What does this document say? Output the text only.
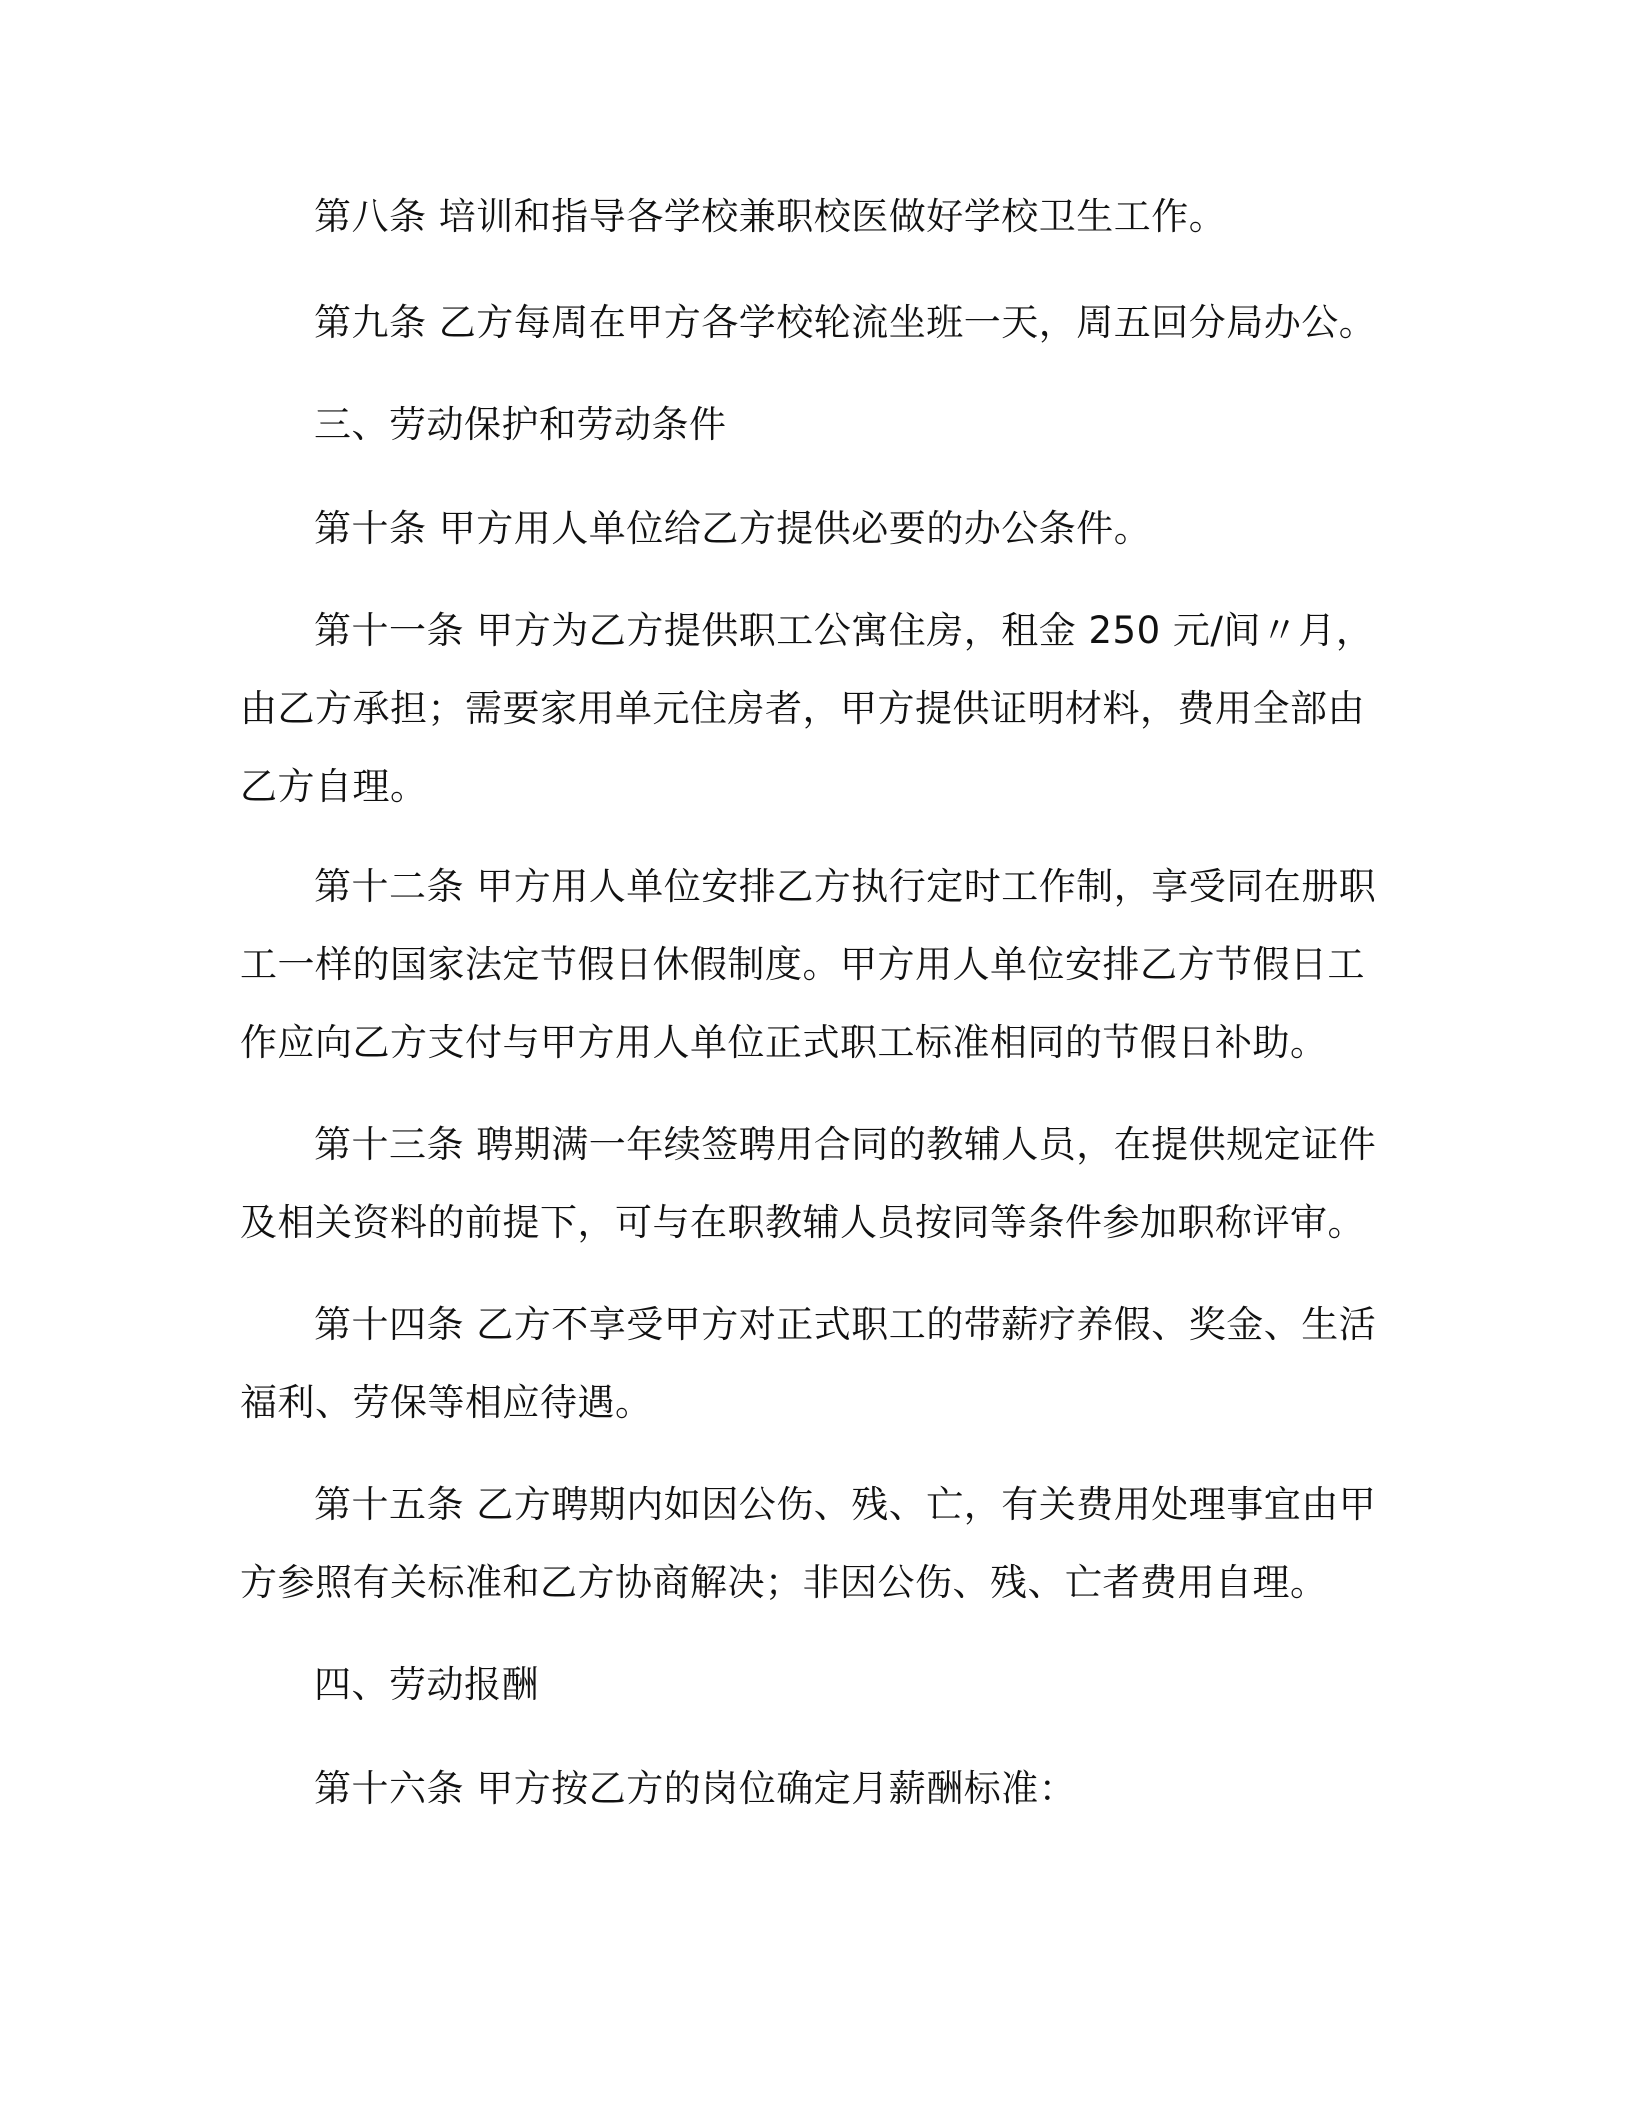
第八条 培训和指导各学校兼职校医做好学校卫生工作。

第九条 乙方每周在甲方各学校轮流坐班一天，周五回分局办公。

三、劳动保护和劳动条件

第十条 甲方用人单位给乙方提供必要的办公条件。

第十一条 甲方为乙方提供职工公寓住房，租金 250 元/间〃月，
由乙方承担；需要家用单元住房者，甲方提供证明材料，费用全部由
乙方自理。

第十二条 甲方用人单位安排乙方执行定时工作制，享受同在册职
工一样的国家法定节假日休假制度。甲方用人单位安排乙方节假日工
作应向乙方支付与甲方用人单位正式职工标准相同的节假日补助。

第十三条 聘期满一年续签聘用合同的教辅人员，在提供规定证件
及相关资料的前提下，可与在职教辅人员按同等条件参加职称评审。

第十四条 乙方不享受甲方对正式职工的带薪疗养假、奖金、生活
福利、劳保等相应待遇。

第十五条 乙方聘期内如因公伤、残、亡，有关费用处理事宜由甲
方参照有关标准和乙方协商解决；非因公伤、残、亡者费用自理。

四、劳动报酬

第十六条 甲方按乙方的岗位确定月薪酬标准：
